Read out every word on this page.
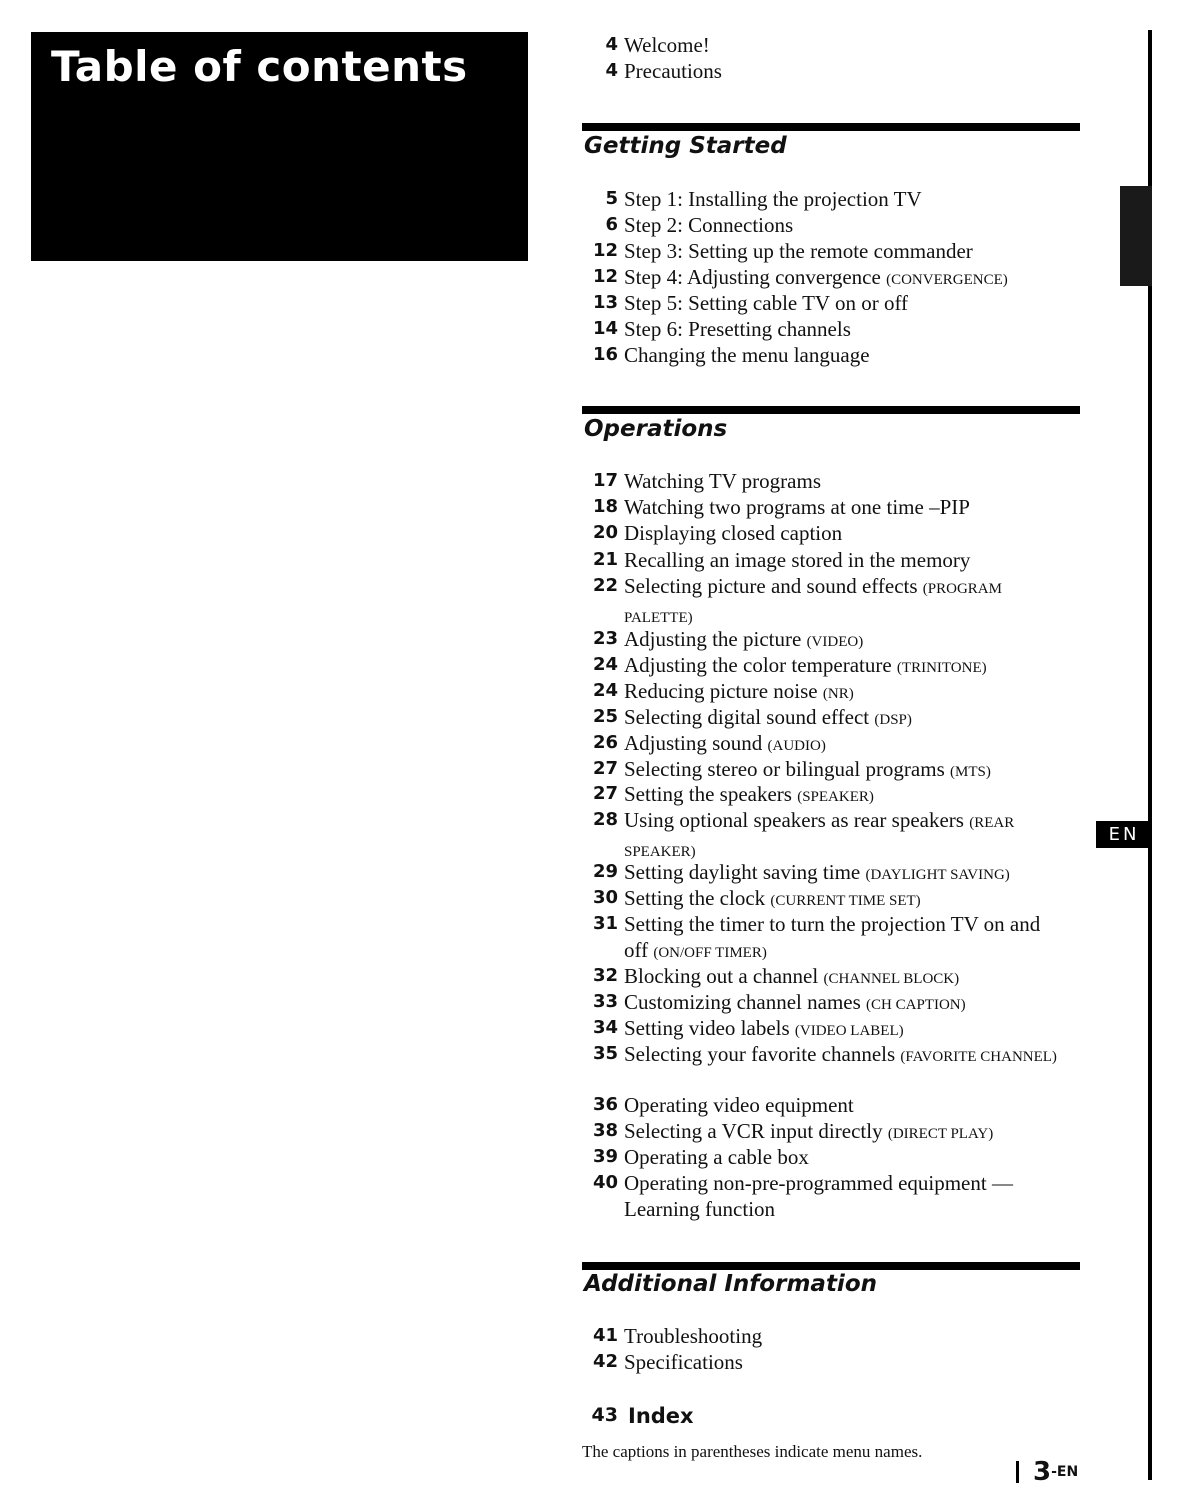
Table of contents	4 Welcome!
4 Precautions
Getting Started
5 Step 1: Installing the projection TV
6 Step 2: Connections
12 Step 3: Setting up the remote commander
12 Step 4: Adjusting convergence (CONVERGENCE)
13 Step 5: Setting cable TV on or off
14 Step 6: Presetting channels
16 Changing the menu language
Operations
17 Watching TV programs
18 Watching two programs at one time –PIP
20 Displaying closed caption
21 Recalling an image stored in the memory
22 Selecting picture and sound effects (PROGRAM PALETTE)
23 Adjusting the picture (VIDEO)
24 Adjusting the color temperature (TRINITONE)
24 Reducing picture noise (NR)
25 Selecting digital sound effect (DSP)
26 Adjusting sound (AUDIO)
27 Selecting stereo or bilingual programs (MTS)
27 Setting the speakers (SPEAKER)
28 Using optional speakers as rear speakers (REAR SPEAKER)
29 Setting daylight saving time (DAYLIGHT SAVING)
30 Setting the clock (CURRENT TIME SET)
31 Setting the timer to turn the projection TV on and off (ON/OFF TIMER)
32 Blocking out a channel (CHANNEL BLOCK)
33 Customizing channel names (CH CAPTION)
34 Setting video labels (VIDEO LABEL)
35 Selecting your favorite channels (FAVORITE CHANNEL)
36 Operating video equipment
38 Selecting a VCR input directly (DIRECT PLAY)
39 Operating a cable box
40 Operating non-pre-programmed equipment — Learning function
Additional Information
41 Troubleshooting
42 Specifications
43 Index
The captions in parentheses indicate menu names.
EN
3-EN
